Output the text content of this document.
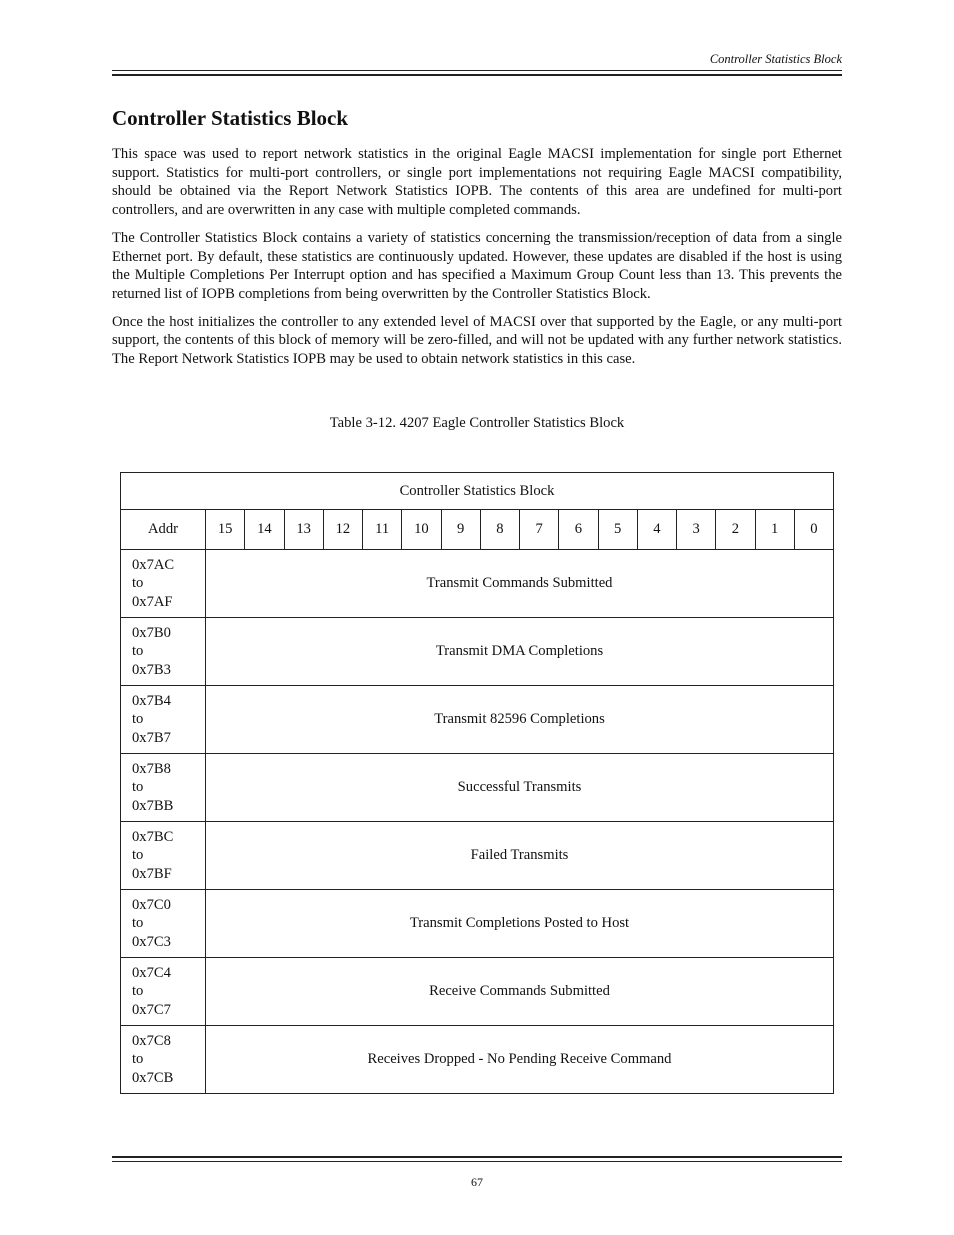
Controller Statistics Block
Controller Statistics Block

This space was used to report network statistics in the original Eagle MACSI implementation for single port Ethernet support. Statistics for multi-port controllers, or single port implementations not requiring Eagle MACSI compatibility, should be obtained via the Report Network Statistics IOPB. The contents of this area are undefined for multi-port controllers, and are overwritten in any case with multiple completed commands.

The Controller Statistics Block contains a variety of statistics concerning the transmission/reception of data from a single Ethernet port. By default, these statistics are continuously updated. However, these updates are disabled if the host is using the Multiple Completions Per Interrupt option and has specified a Maximum Group Count less than 13. This prevents the returned list of IOPB completions from being overwritten by the Controller Statistics Block.

Once the host initializes the controller to any extended level of MACSI over that supported by the Eagle, or any multi-port support, the contents of this block of memory will be zero-filled, and will not be updated with any further network statistics. The Report Network Statistics IOPB may be used to obtain network statistics in this case.

Table 3-12. 4207 Eagle Controller Statistics Block
Controller Statistics Block																
Addr	15	14	13	12	11	10	9	8	7	6	5	4	3	2	1	0

0x7AC
to
0x7AF	Transmit Commands Submitted															

0x7B0
to
0x7B3	Transmit DMA Completions															

0x7B4
to
0x7B7	Transmit 82596 Completions															

0x7B8
to
0x7BB	Successful Transmits															

0x7BC
to
0x7BF	Failed Transmits															

0x7C0
to
0x7C3	Transmit Completions Posted to Host															

0x7C4
to
0x7C7	Receive Commands Submitted															

0x7C8
to
0x7CB	Receives Dropped - No Pending Receive Command															
67
